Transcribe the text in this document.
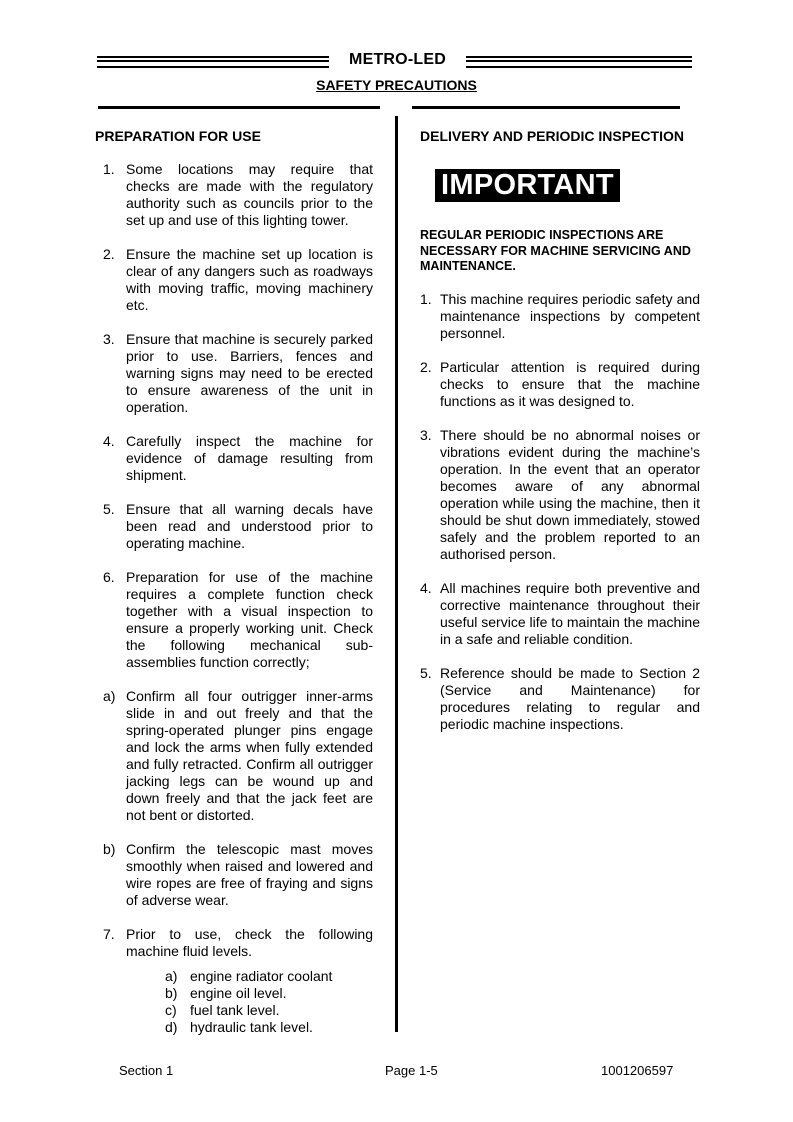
METRO-LED
SAFETY PRECAUTIONS
PREPARATION FOR USE
1. Some locations may require that checks are made with the regulatory authority such as councils prior to the set up and use of this lighting tower.
2. Ensure the machine set up location is clear of any dangers such as roadways with moving traffic, moving machinery etc.
3. Ensure that machine is securely parked prior to use. Barriers, fences and warning signs may need to be erected to ensure awareness of the unit in operation.
4. Carefully inspect the machine for evidence of damage resulting from shipment.
5. Ensure that all warning decals have been read and understood prior to operating machine.
6. Preparation for use of the machine requires a complete function check together with a visual inspection to ensure a properly working unit. Check the following mechanical sub-assemblies function correctly;
a) Confirm all four outrigger inner-arms slide in and out freely and that the spring-operated plunger pins engage and lock the arms when fully extended and fully retracted. Confirm all outrigger jacking legs can be wound up and down freely and that the jack feet are not bent or distorted.
b) Confirm the telescopic mast moves smoothly when raised and lowered and wire ropes are free of fraying and signs of adverse wear.
7. Prior to use, check the following machine fluid levels.
a) engine radiator coolant
b) engine oil level.
c) fuel tank level.
d) hydraulic tank level.
DELIVERY AND PERIODIC INSPECTION
IMPORTANT
REGULAR PERIODIC INSPECTIONS ARE NECESSARY FOR MACHINE SERVICING AND MAINTENANCE.
1. This machine requires periodic safety and maintenance inspections by competent personnel.
2. Particular attention is required during checks to ensure that the machine functions as it was designed to.
3. There should be no abnormal noises or vibrations evident during the machine’s operation. In the event that an operator becomes aware of any abnormal operation while using the machine, then it should be shut down immediately, stowed safely and the problem reported to an authorised person.
4. All machines require both preventive and corrective maintenance throughout their useful service life to maintain the machine in a safe and reliable condition.
5. Reference should be made to Section 2 (Service and Maintenance) for procedures relating to regular and periodic machine inspections.
Section 1	Page 1-5	1001206597
